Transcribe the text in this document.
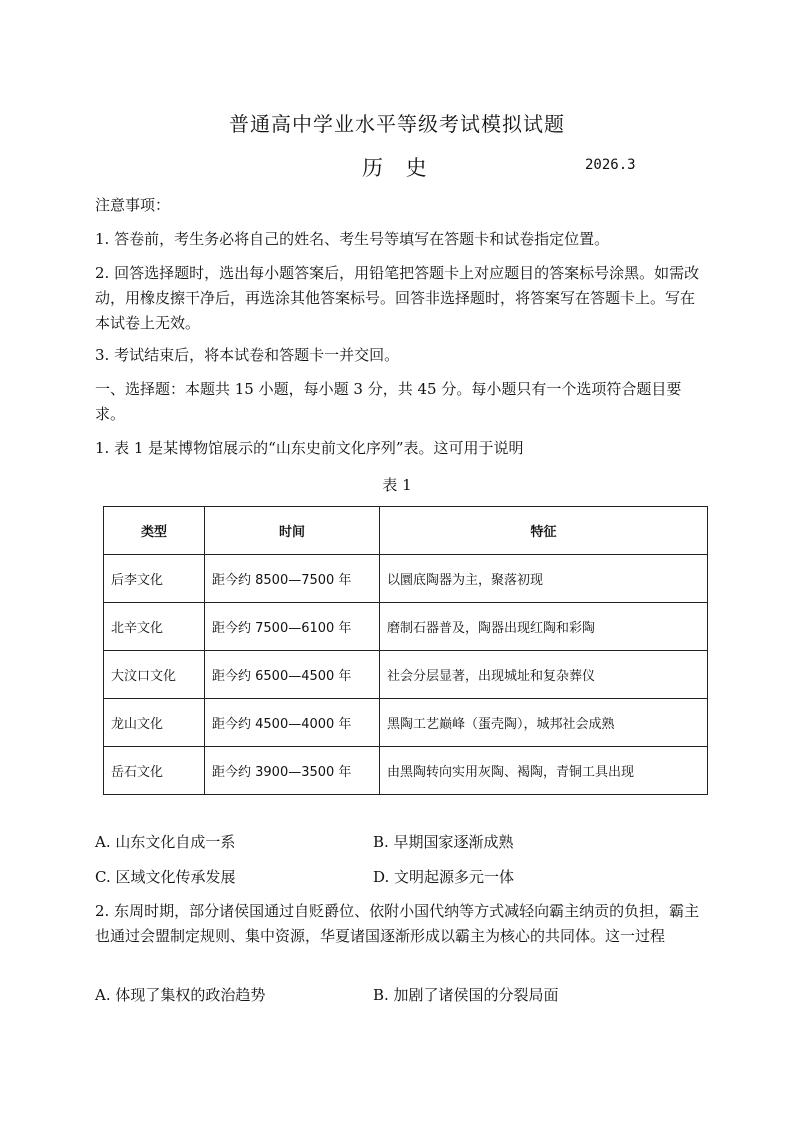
普通高中学业水平等级考试模拟试题
历 史	2026.3
注意事项：
1. 答卷前，考生务必将自己的姓名、考生号等填写在答题卡和试卷指定位置。
2. 回答选择题时，选出每小题答案后，用铅笔把答题卡上对应题目的答案标号涂黑。如需改动，用橡皮擦干净后，再选涂其他答案标号。回答非选择题时，将答案写在答题卡上。写在本试卷上无效。
3. 考试结束后，将本试卷和答题卡一并交回。
一、选择题：本题共 15 小题，每小题 3 分，共 45 分。每小题只有一个选项符合题目要求。
1. 表 1 是某博物馆展示的“山东史前文化序列”表。这可用于说明
表 1
类型	时间	特征
后李文化	距今约 8500—7500 年	以圜底陶器为主，聚落初现
北辛文化	距今约 7500—6100 年	磨制石器普及，陶器出现红陶和彩陶
大汶口文化	距今约 6500—4500 年	社会分层显著，出现城址和复杂葬仪
龙山文化	距今约 4500—4000 年	黑陶工艺巅峰（蛋壳陶），城邦社会成熟
岳石文化	距今约 3900—3500 年	由黑陶转向实用灰陶、褐陶，青铜工具出现
A. 山东文化自成一系	B. 早期国家逐渐成熟
C. 区域文化传承发展	D. 文明起源多元一体
2. 东周时期，部分诸侯国通过自贬爵位、依附小国代纳等方式减轻向霸主纳贡的负担，霸主也通过会盟制定规则、集中资源，华夏诸国逐渐形成以霸主为核心的共同体。这一过程
A. 体现了集权的政治趋势	B. 加剧了诸侯国的分裂局面
